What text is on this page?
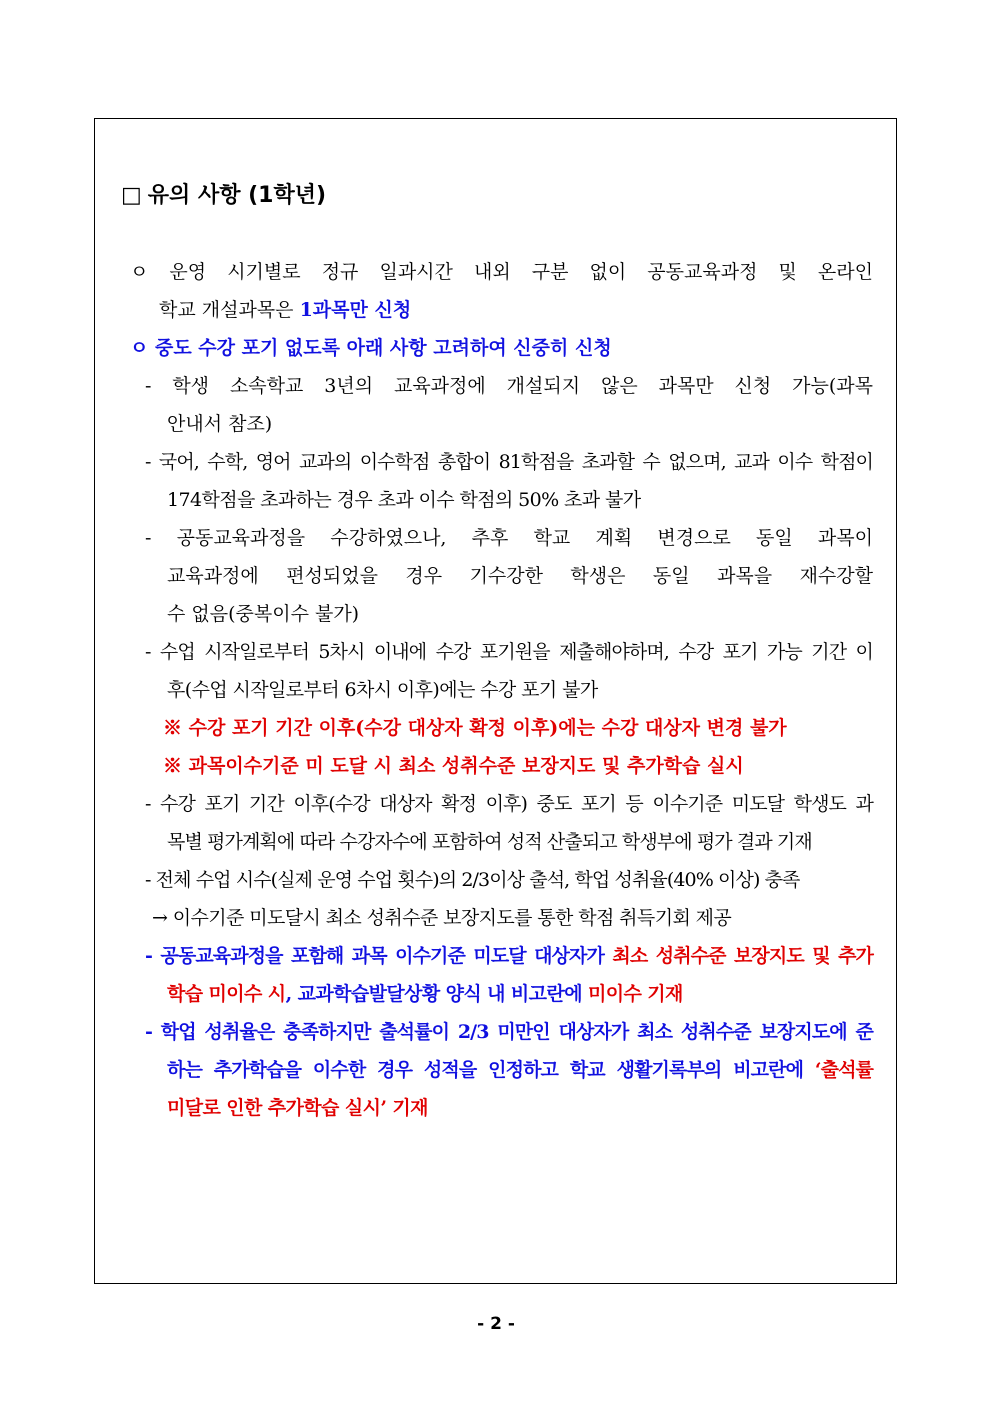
□ 유의 사항 (1학년)
ㅇ 운영 시기별로 정규 일과시간 내외 구분 없이 공동교육과정 및 온라인
학교 개설과목은 1과목만 신청
ㅇ 중도 수강 포기 없도록 아래 사항 고려하여 신중히 신청
- 학생 소속학교 3년의 교육과정에 개설되지 않은 과목만 신청 가능(과목
안내서 참조)
- 국어, 수학, 영어 교과의 이수학점 총합이 81학점을 초과할 수 없으며, 교과 이수 학점이
174학점을 초과하는 경우 초과 이수 학점의 50% 초과 불가
- 공동교육과정을 수강하였으나, 추후 학교 계획 변경으로 동일 과목이
교육과정에 편성되었을 경우 기수강한 학생은 동일 과목을 재수강할
수 없음(중복이수 불가)
- 수업 시작일로부터 5차시 이내에 수강 포기원을 제출해야하며, 수강 포기 가능 기간 이
후(수업 시작일로부터 6차시 이후)에는 수강 포기 불가
※ 수강 포기 기간 이후(수강 대상자 확정 이후)에는 수강 대상자 변경 불가
※ 과목이수기준 미 도달 시 최소 성취수준 보장지도 및 추가학습 실시
- 수강 포기 기간 이후(수강 대상자 확정 이후) 중도 포기 등 이수기준 미도달 학생도 과
목별 평가계획에 따라 수강자수에 포함하여 성적 산출되고 학생부에 평가 결과 기재
- 전체 수업 시수(실제 운영 수업 횟수)의 2/3이상 출석, 학업 성취율(40% 이상) 충족
→ 이수기준 미도달시 최소 성취수준 보장지도를 통한 학점 취득기회 제공
- 공동교육과정을 포함해 과목 이수기준 미도달 대상자가 최소 성취수준 보장지도 및 추가
학습 미이수 시, 교과학습발달상황 양식 내 비고란에 미이수 기재
- 학업 성취율은 충족하지만 출석률이 2/3 미만인 대상자가 최소 성취수준 보장지도에 준
하는 추가학습을 이수한 경우 성적을 인정하고 학교 생활기록부의 비고란에 ‘출석률
미달로 인한 추가학습 실시’ 기재
- 2 -
